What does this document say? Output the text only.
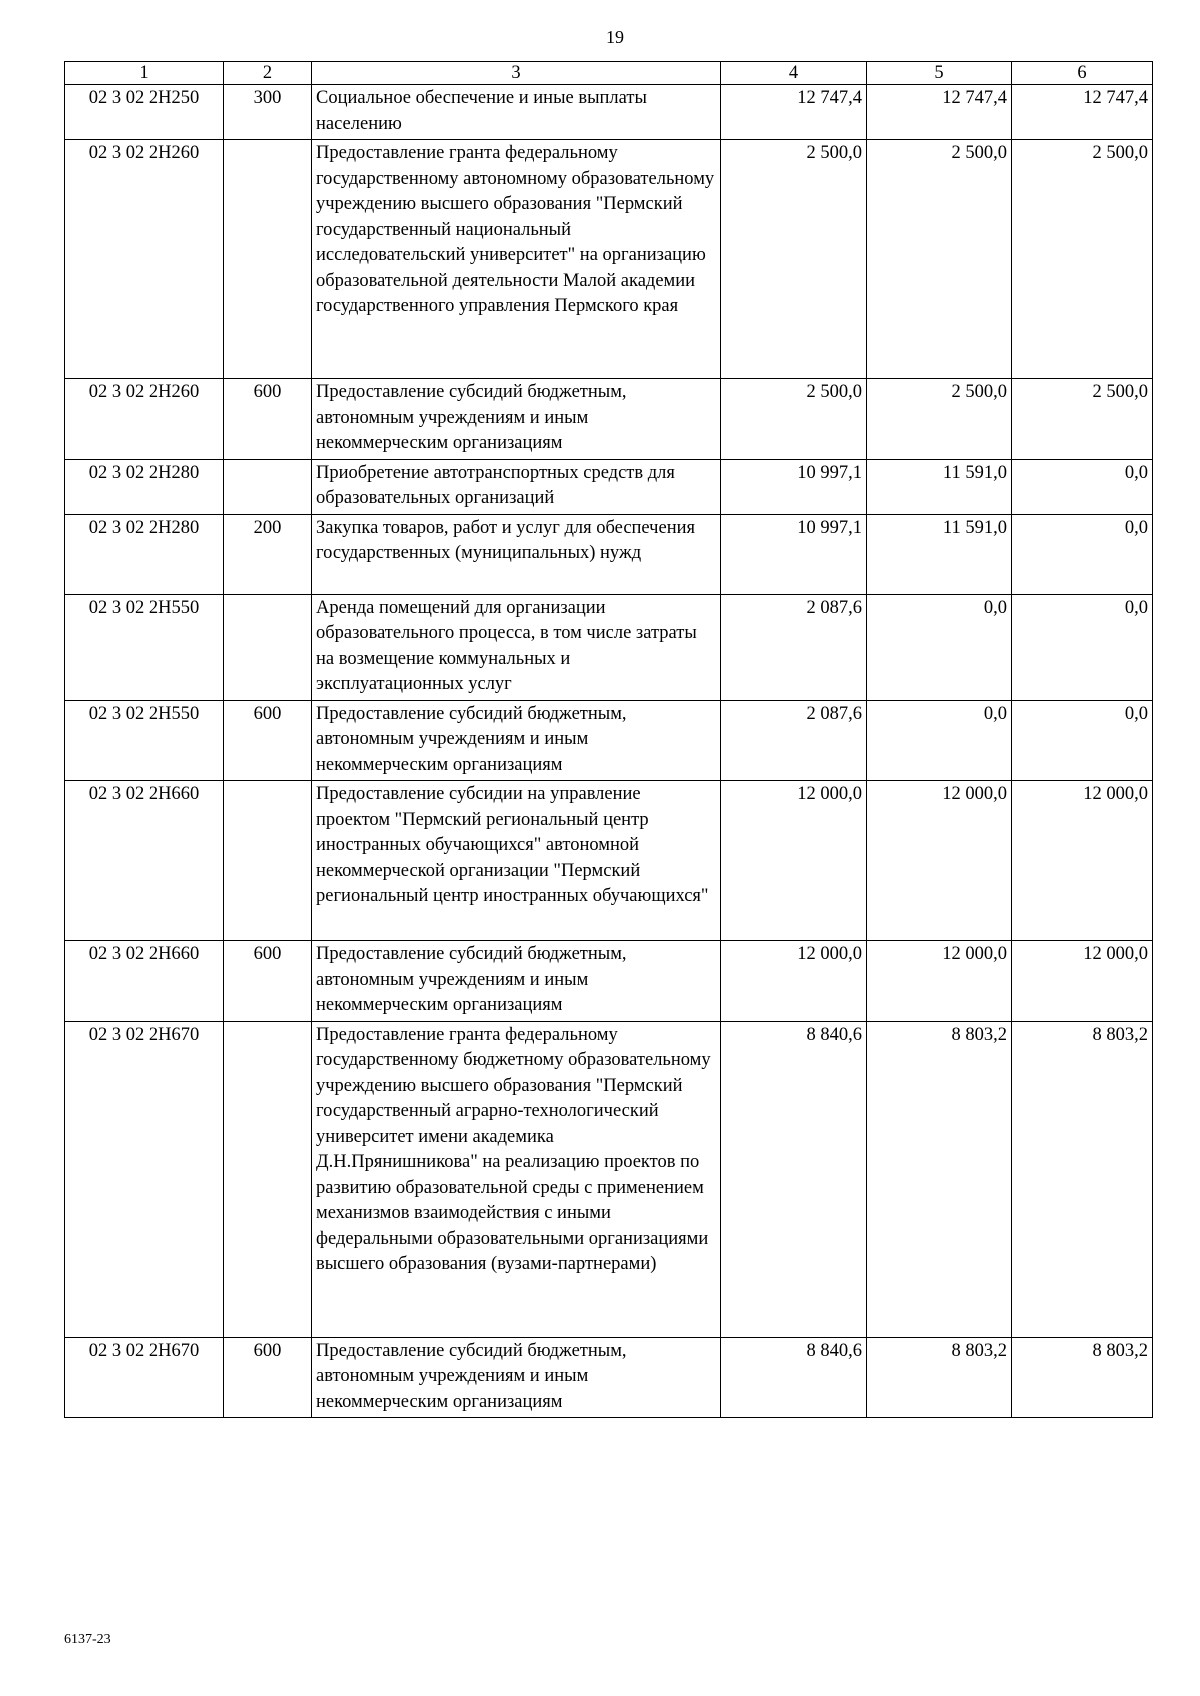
19
1	2	3	4	5	6
02 3 02 2Н250	300	Социальное обеспечение и иные выплаты населению	12 747,4	12 747,4	12 747,4
02 3 02 2Н260		Предоставление гранта федеральному государственному автономному образовательному учреждению высшего образования "Пермский государственный национальный исследовательский университет" на организацию образовательной деятельности Малой академии государственного управления Пермского края	2 500,0	2 500,0	2 500,0
02 3 02 2Н260	600	Предоставление субсидий бюджетным, автономным учреждениям и иным некоммерческим организациям	2 500,0	2 500,0	2 500,0
02 3 02 2Н280		Приобретение автотранспортных средств для образовательных организаций	10 997,1	11 591,0	0,0
02 3 02 2Н280	200	Закупка товаров, работ и услуг для обеспечения государственных (муниципальных) нужд	10 997,1	11 591,0	0,0
02 3 02 2Н550		Аренда помещений для организации образовательного процесса, в том числе затраты на возмещение коммунальных и эксплуатационных услуг	2 087,6	0,0	0,0
02 3 02 2Н550	600	Предоставление субсидий бюджетным, автономным учреждениям и иным некоммерческим организациям	2 087,6	0,0	0,0
02 3 02 2Н660		Предоставление субсидии на управление проектом "Пермский региональный центр иностранных обучающихся" автономной некоммерческой организации "Пермский региональный центр иностранных обучающихся"	12 000,0	12 000,0	12 000,0
02 3 02 2Н660	600	Предоставление субсидий бюджетным, автономным учреждениям и иным некоммерческим организациям	12 000,0	12 000,0	12 000,0
02 3 02 2Н670		Предоставление гранта федеральному государственному бюджетному образовательному учреждению высшего образования "Пермский государственный аграрно-технологический университет имени академика Д.Н.Прянишникова" на реализацию проектов по развитию образовательной среды с применением механизмов взаимодействия с иными федеральными образовательными организациями высшего образования (вузами-партнерами)	8 840,6	8 803,2	8 803,2
02 3 02 2Н670	600	Предоставление субсидий бюджетным, автономным учреждениям и иным некоммерческим организациям	8 840,6	8 803,2	8 803,2
6137-23
